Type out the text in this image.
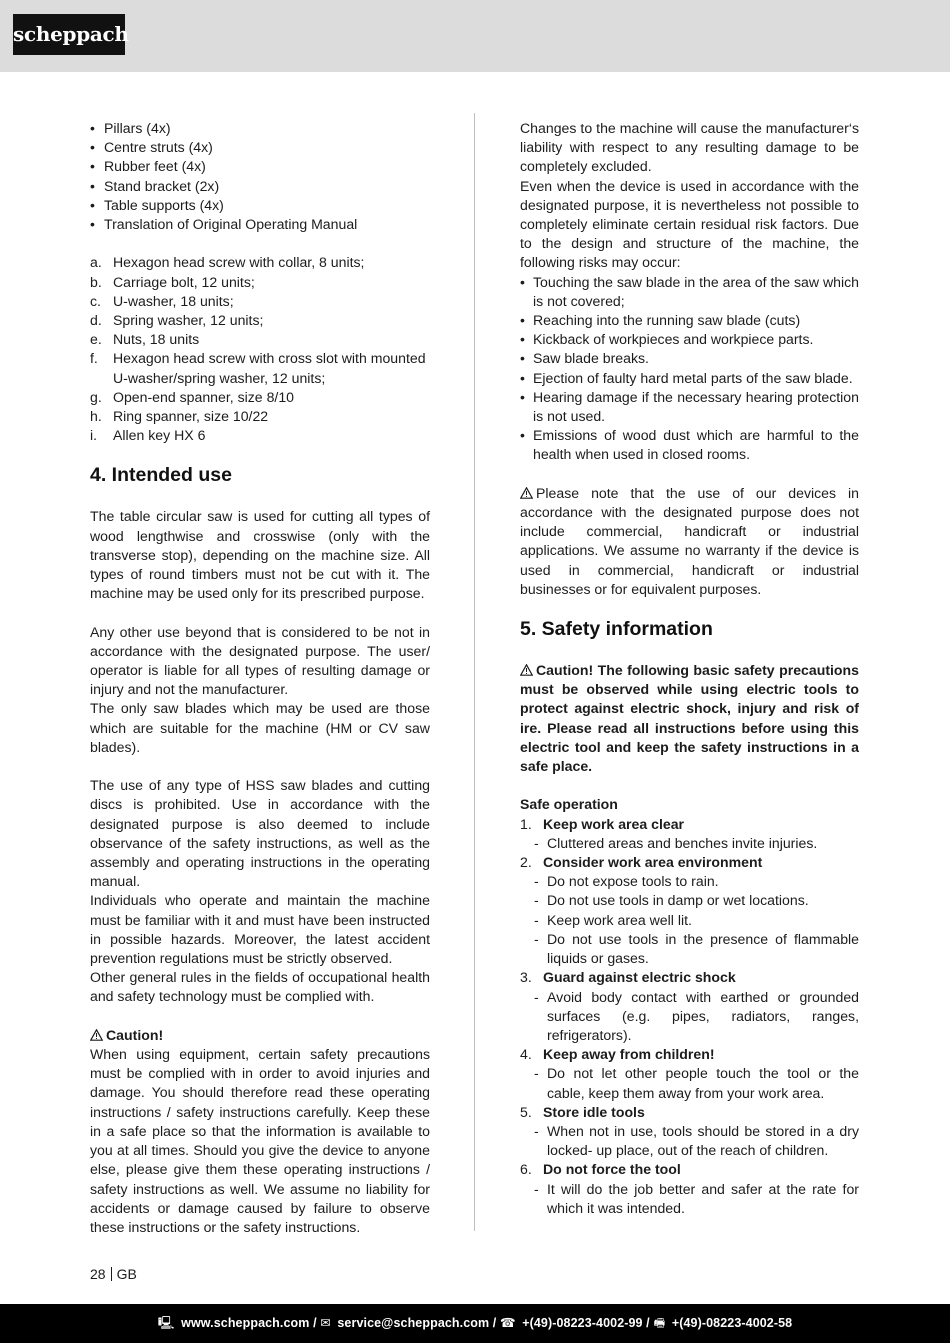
scheppach
• Pillars (4x)
• Centre struts (4x)
• Rubber feet (4x)
• Stand bracket (2x)
• Table supports (4x)
• Translation of Original Operating Manual
a. Hexagon head screw with collar, 8 units;
b. Carriage bolt, 12 units;
c. U-washer, 18 units;
d. Spring washer, 12 units;
e. Nuts, 18 units
f. Hexagon head screw with cross slot with mounted U-washer/spring washer, 12 units;
g. Open-end spanner, size 8/10
h. Ring spanner, size 10/22
i. Allen key HX 6
4. Intended use

The table circular saw is used for cutting all types of wood lengthwise and crosswise (only with the transverse stop), depending on the machine size. All types of round timbers must not be cut with it. The machine may be used only for its prescribed purpose.

Any other use beyond that is considered to be not in accordance with the designated purpose. The user/ operator is liable for all types of resulting damage or injury and not the manufacturer.

The only saw blades which may be used are those which are suitable for the machine (HM or CV saw blades).

The use of any type of HSS saw blades and cutting discs is prohibited. Use in accordance with the designated purpose is also deemed to include observance of the safety instructions, as well as the assembly and operating instructions in the operating manual.

Individuals who operate and maintain the machine must be familiar with it and must have been instructed in possible hazards. Moreover, the latest accident prevention regulations must be strictly observed.

Other general rules in the fields of occupational health and safety technology must be complied with.

Caution!

When using equipment, certain safety precautions must be complied with in order to avoid injuries and damage. You should therefore read these operating instructions / safety instructions carefully. Keep these in a safe place so that the information is available to you at all times. Should you give the device to anyone else, please give them these operating instructions / safety instructions as well. We assume no liability for accidents or damage caused by failure to observe these instructions or the safety instructions.

Changes to the machine will cause the manufacturer‘s liability with respect to any resulting damage to be completely excluded.

Even when the device is used in accordance with the designated purpose, it is nevertheless not possible to completely eliminate certain residual risk factors. Due to the design and structure of the machine, the following risks may occur:

• Touching the saw blade in the area of the saw which is not covered;
• Reaching into the running saw blade (cuts)
• Kickback of workpieces and workpiece parts.
• Saw blade breaks.
• Ejection of faulty hard metal parts of the saw blade.
• Hearing damage if the necessary hearing protection is not used.
• Emissions of wood dust which are harmful to the health when used in closed rooms.

Please note that the use of our devices in accordance with the designated purpose does not include commercial, handicraft or industrial applications. We assume no warranty if the device is used in commercial, handicraft or industrial businesses or for equivalent purposes.

5. Safety information

Caution! The following basic safety precautions must be observed while using electric tools to protect against electric shock, injury and risk of ire. Please read all instructions before using this electric tool and keep the safety instructions in a safe place.

Safe operation
1. Keep work area clear
- Cluttered areas and benches invite injuries.
2. Consider work area environment
- Do not expose tools to rain.
- Do not use tools in damp or wet locations.
- Keep work area well lit.
- Do not use tools in the presence of flammable liquids or gases.
3. Guard against electric shock
- Avoid body contact with earthed or grounded surfaces (e.g. pipes, radiators, ranges, refrigerators).
4. Keep away from children!
- Do not let other people touch the tool or the cable, keep them away from your work area.
5. Store idle tools
- When not in use, tools should be stored in a dry locked- up place, out of the reach of children.
6. Do not force the tool
- It will do the job better and safer at the rate for which it was intended.
28 GB
🖳 www.scheppach.com / ✉ service@scheppach.com / ☎ +(49)-08223-4002-99 / 🖷 +(49)-08223-4002-58
